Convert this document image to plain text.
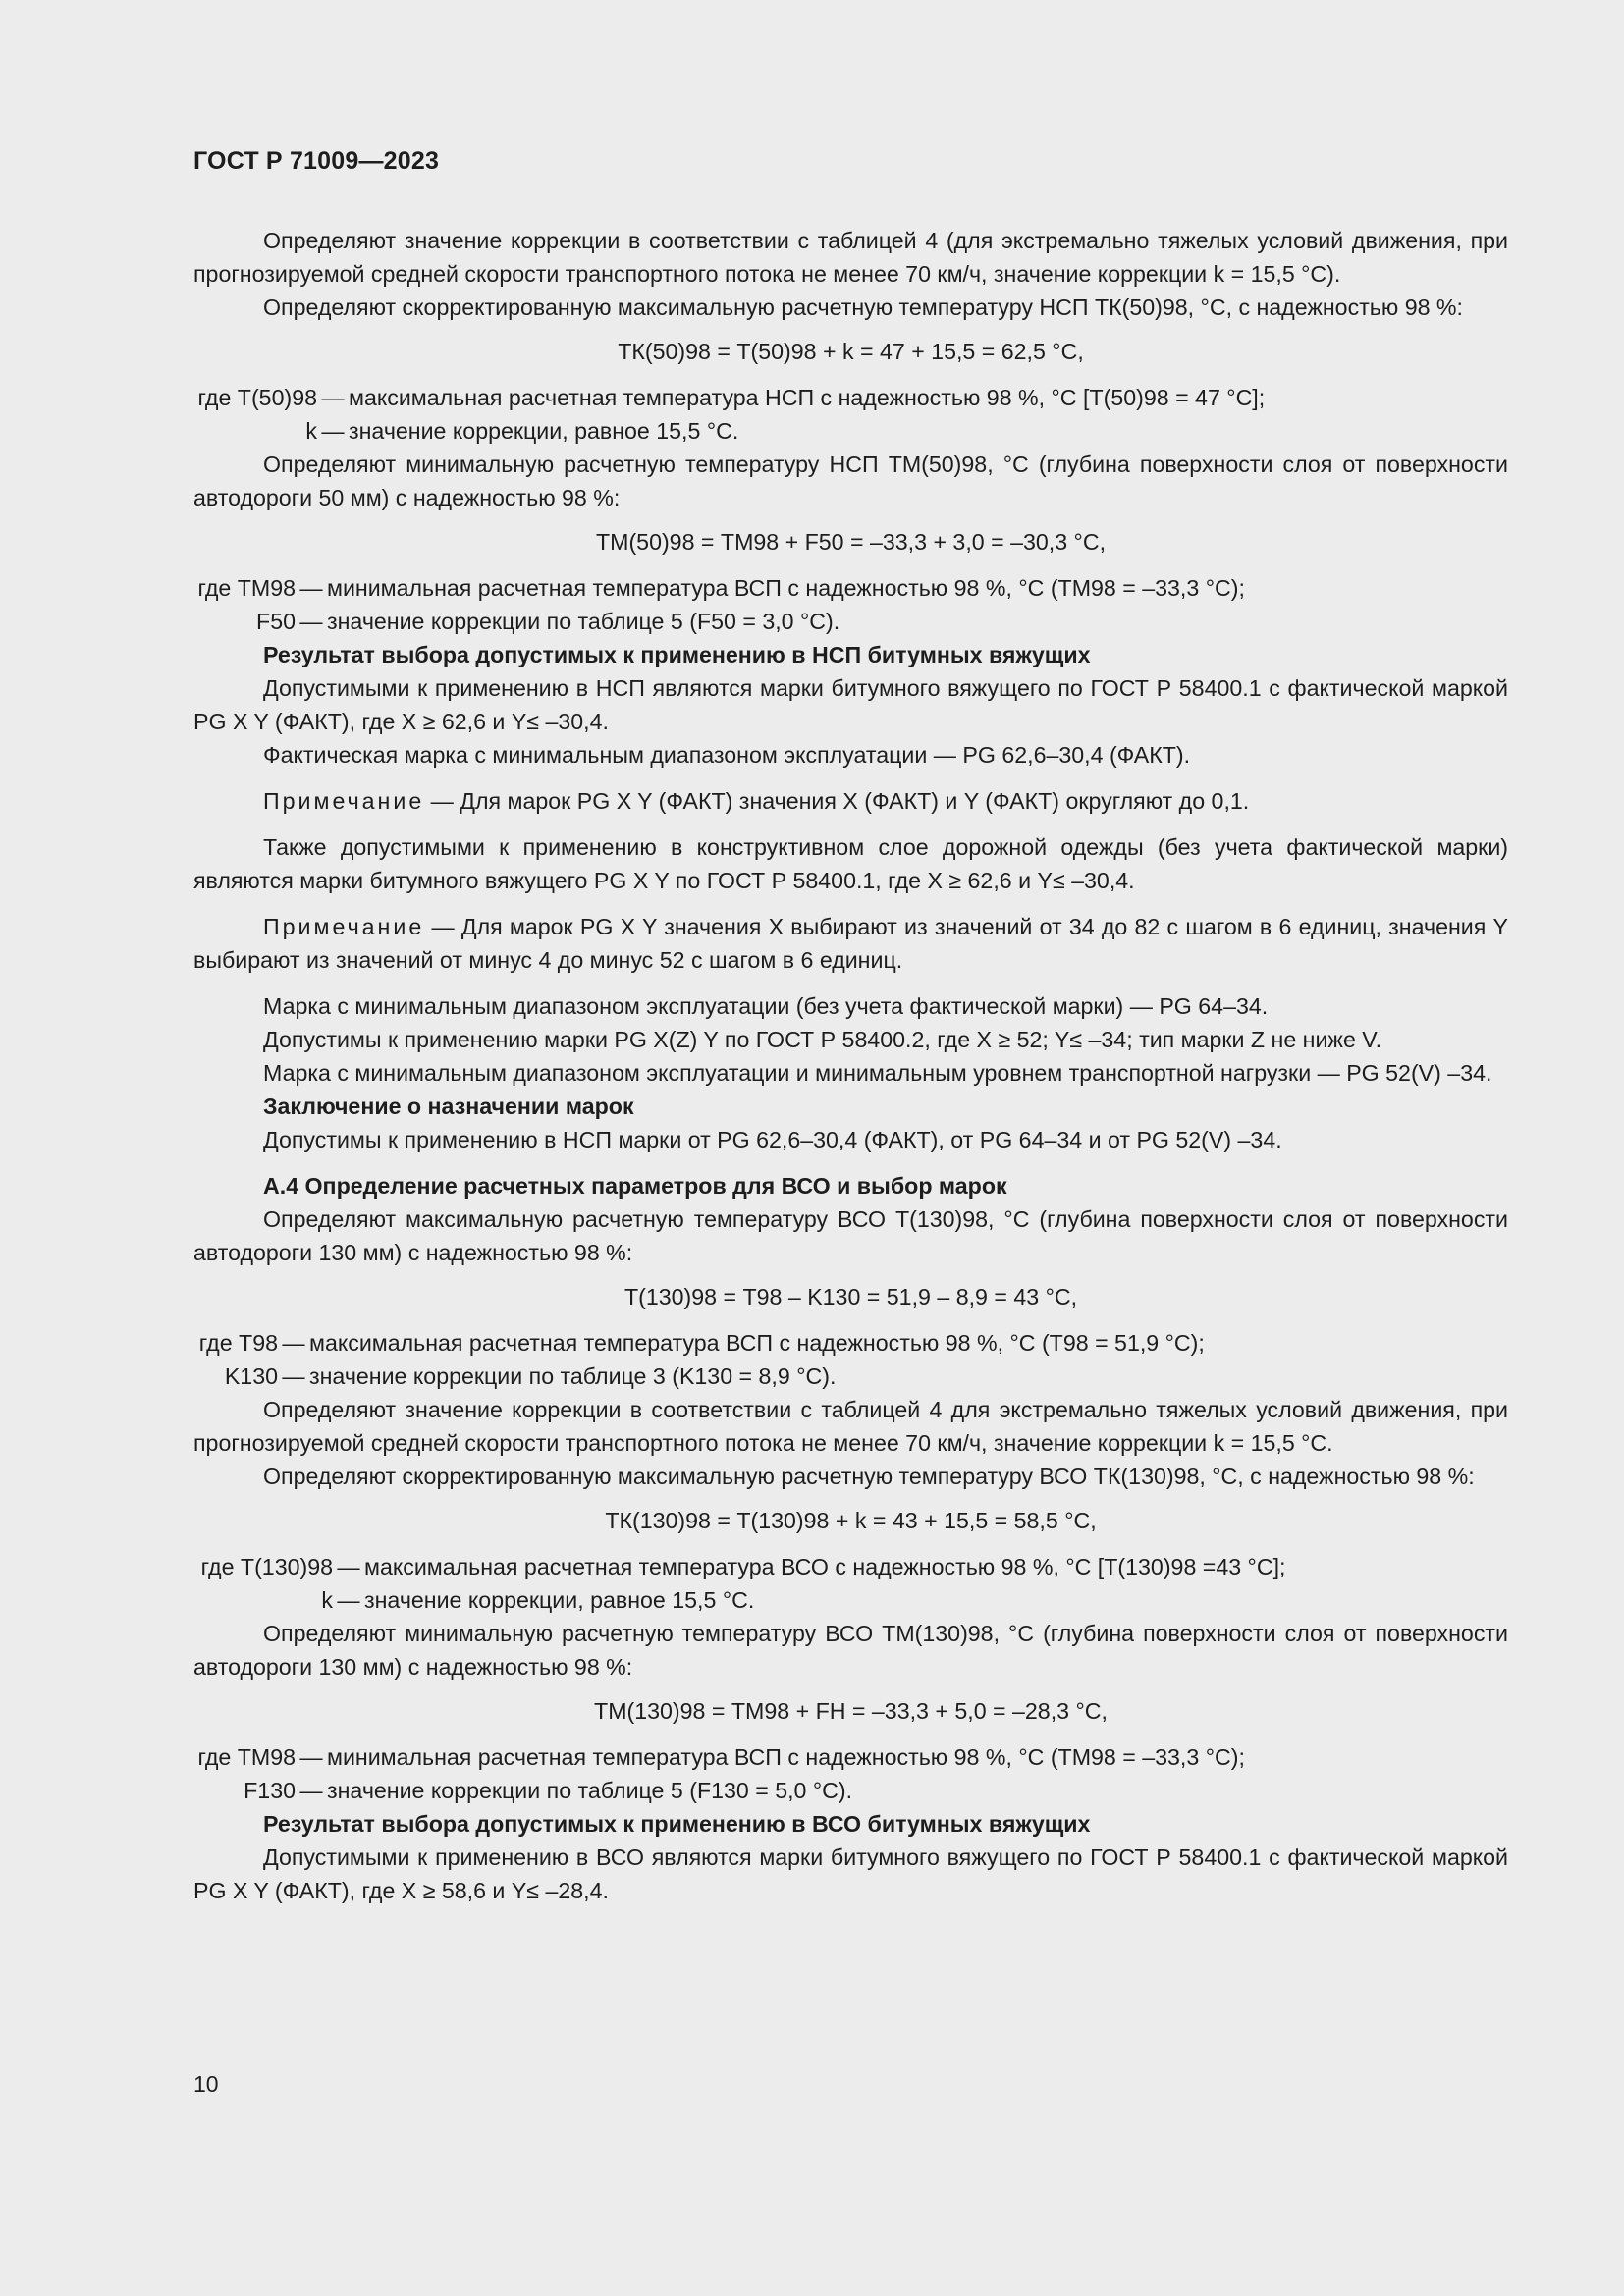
ГОСТ Р 71009—2023

Определяют значение коррекции в соответствии с таблицей 4 (для экстремально тяжелых условий движения, при прогнозируемой средней скорости транспортного потока не менее 70 км/ч, значение коррекции k = 15,5 °С).

Определяют скорректированную максимальную расчетную температуру НСП ТК(50)98, °С, с надежностью 98 %:

ТК(50)98 = Т(50)98 + k = 47 + 15,5 = 62,5 °С,

где Т(50)98 — максимальная расчетная температура НСП с надежностью 98 %, °С [Т(50)98 = 47 °С];
k — значение коррекции, равное 15,5 °С.

Определяют минимальную расчетную температуру НСП ТМ(50)98, °С (глубина поверхности слоя от поверхности автодороги 50 мм) с надежностью 98 %:

ТМ(50)98 = ТМ98 + F50 = –33,3 + 3,0 = –30,3 °С,

где ТМ98 — минимальная расчетная температура ВСП с надежностью 98 %, °С (ТМ98 = –33,3 °С);
F50 — значение коррекции по таблице 5 (F50 = 3,0 °С).

Результат выбора допустимых к применению в НСП битумных вяжущих

Допустимыми к применению в НСП являются марки битумного вяжущего по ГОСТ Р 58400.1 с фактической маркой PG X Y (ФАКТ), где X ≥ 62,6 и Y≤ –30,4.

Фактическая марка с минимальным диапазоном эксплуатации — PG 62,6–30,4 (ФАКТ).

Примечание — Для марок PG X Y (ФАКТ) значения X (ФАКТ) и Y (ФАКТ) округляют до 0,1.

Также допустимыми к применению в конструктивном слое дорожной одежды (без учета фактической марки) являются марки битумного вяжущего PG X Y по ГОСТ Р 58400.1, где X ≥ 62,6 и Y≤ –30,4.

Примечание — Для марок PG X Y значения X выбирают из значений от 34 до 82 с шагом в 6 единиц, значения Y выбирают из значений от минус 4 до минус 52 с шагом в 6 единиц.

Марка с минимальным диапазоном эксплуатации (без учета фактической марки) — PG 64–34.

Допустимы к применению марки PG X(Z) Y по ГОСТ Р 58400.2, где X ≥ 52; Y≤ –34; тип марки Z не ниже V.

Марка с минимальным диапазоном эксплуатации и минимальным уровнем транспортной нагрузки — PG 52(V) –34.

Заключение о назначении марок

Допустимы к применению в НСП марки от PG 62,6–30,4 (ФАКТ), от PG 64–34 и от PG 52(V) –34.

А.4 Определение расчетных параметров для ВСО и выбор марок

Определяют максимальную расчетную температуру ВСО Т(130)98, °С (глубина поверхности слоя от поверхности автодороги 130 мм) с надежностью 98 %:

Т(130)98 = Т98 – K130 = 51,9 – 8,9 = 43 °С,

где Т98 — максимальная расчетная температура ВСП с надежностью 98 %, °С (Т98 = 51,9 °С);
K130 — значение коррекции по таблице 3 (K130 = 8,9 °С).

Определяют значение коррекции в соответствии с таблицей 4 для экстремально тяжелых условий движения, при прогнозируемой средней скорости транспортного потока не менее 70 км/ч, значение коррекции k = 15,5 °С.

Определяют скорректированную максимальную расчетную температуру ВСО ТК(130)98, °С, с надежностью 98 %:

ТК(130)98 = Т(130)98 + k = 43 + 15,5 = 58,5 °С,

где Т(130)98 — максимальная расчетная температура ВСО с надежностью 98 %, °С [Т(130)98 =43 °С];
k — значение коррекции, равное 15,5 °С.

Определяют минимальную расчетную температуру ВСО ТМ(130)98, °С (глубина поверхности слоя от поверхности автодороги 130 мм) с надежностью 98 %:

ТМ(130)98 = ТМ98 + FH = –33,3 + 5,0 = –28,3 °С,

где ТМ98 — минимальная расчетная температура ВСП с надежностью 98 %, °С (ТМ98 = –33,3 °С);
F130 — значение коррекции по таблице 5 (F130 = 5,0 °С).

Результат выбора допустимых к применению в ВСО битумных вяжущих

Допустимыми к применению в ВСО являются марки битумного вяжущего по ГОСТ Р 58400.1 с фактической маркой PG X Y (ФАКТ), где X ≥ 58,6 и Y≤ –28,4.

10
